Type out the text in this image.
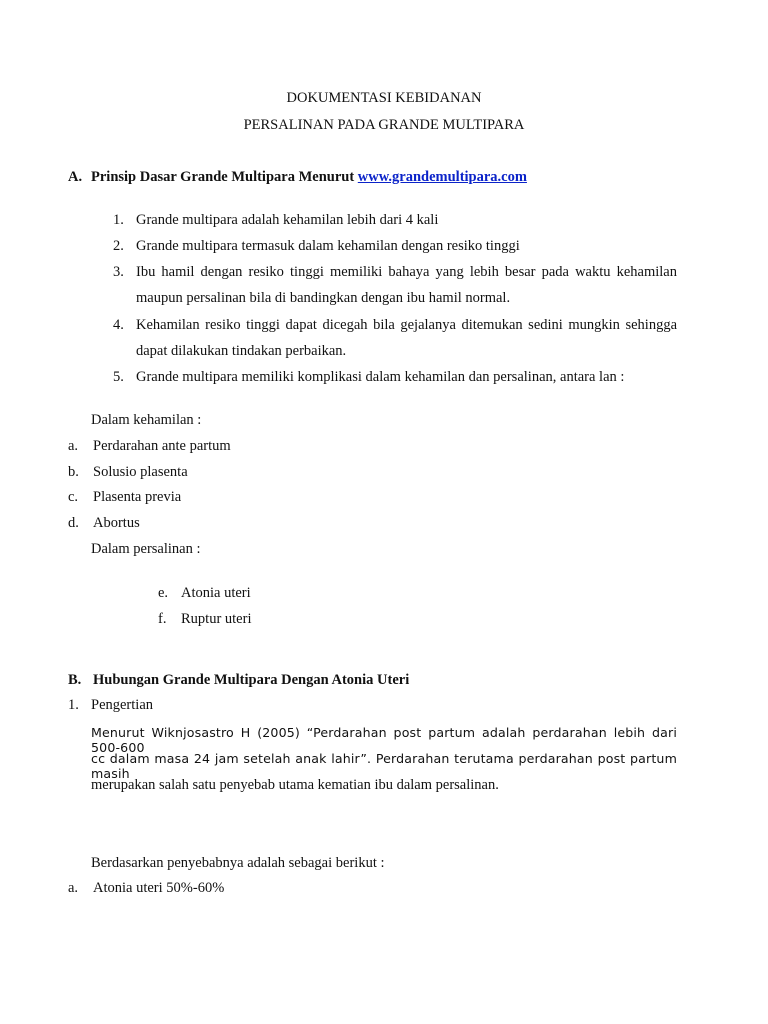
DOKUMENTASI KEBIDANAN
PERSALINAN PADA GRANDE MULTIPARA
A. Prinsip Dasar Grande Multipara Menurut www.grandemultipara.com
1. Grande multipara adalah kehamilan lebih dari 4 kali
2. Grande multipara termasuk dalam kehamilan dengan resiko tinggi
3. Ibu hamil dengan resiko tinggi memiliki bahaya yang lebih besar pada waktu kehamilan
maupun persalinan bila di bandingkan dengan ibu hamil normal.
4. Kehamilan resiko tinggi dapat dicegah bila gejalanya ditemukan sedini mungkin sehingga
dapat dilakukan tindakan perbaikan.
5. Grande multipara memiliki komplikasi dalam kehamilan dan persalinan, antara lan :
Dalam kehamilan :
a. Perdarahan ante partum
b. Solusio plasenta
c. Plasenta previa
d. Abortus
Dalam persalinan :
e. Atonia uteri
f. Ruptur uteri
B. Hubungan Grande Multipara Dengan Atonia Uteri
1. Pengertian
Menurut Wiknjosastro H (2005) “Perdarahan post partum adalah perdarahan lebih dari 500-600
cc dalam masa 24 jam setelah anak lahir”. Perdarahan terutama perdarahan post partum masih
merupakan salah satu penyebab utama kematian ibu dalam persalinan.
Berdasarkan penyebabnya adalah sebagai berikut :
a. Atonia uteri 50%-60%
